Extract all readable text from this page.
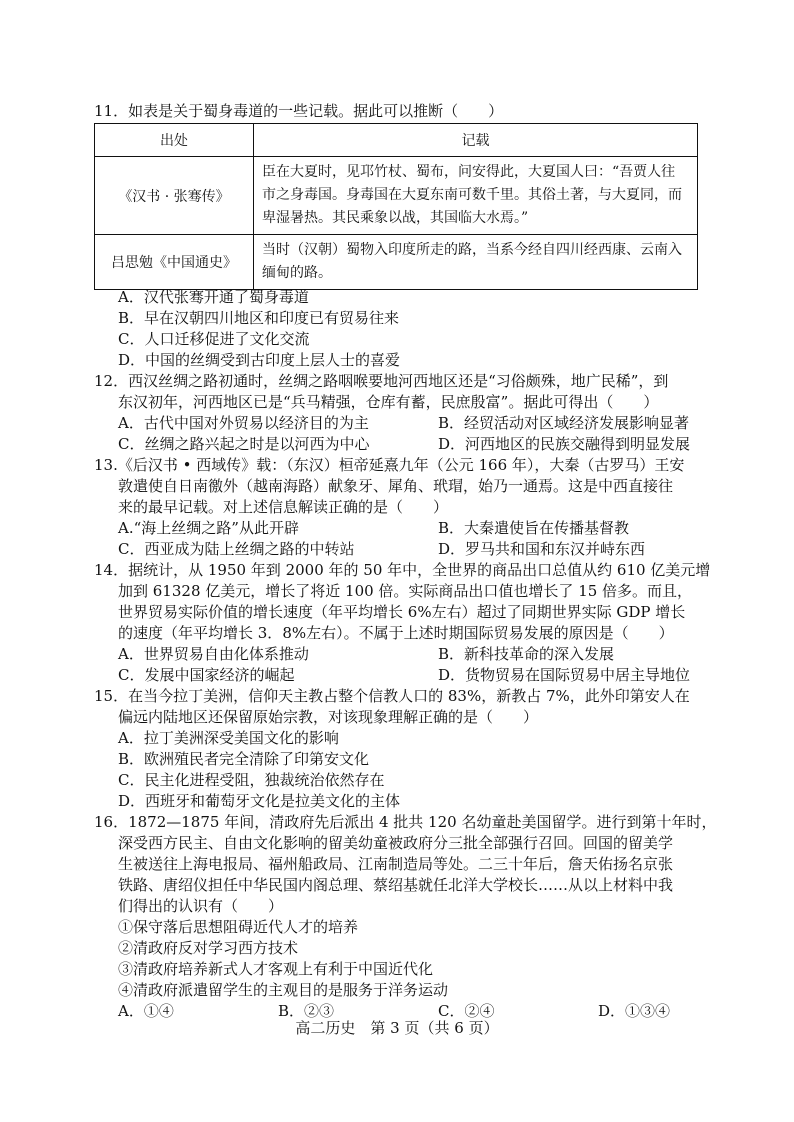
11．如表是关于蜀身毒道的一些记载。据此可以推断（　　）
出处	记载
《汉书 · 张骞传》	臣在大夏时，见邛竹杖、蜀布，问安得此，大夏国人曰：“吾贾人往市之身毒国。身毒国在大夏东南可数千里。其俗土著，与大夏同，而卑湿暑热。其民乘象以战，其国临大水焉。”
吕思勉《中国通史》	当时（汉朝）蜀物入印度所走的路，当系今经自四川经西康、云南入缅甸的路。
A．汉代张骞开通了蜀身毒道
B．早在汉朝四川地区和印度已有贸易往来
C．人口迁移促进了文化交流
D．中国的丝绸受到古印度上层人士的喜爱
12．西汉丝绸之路初通时，丝绸之路咽喉要地河西地区还是“习俗颇殊，地广民稀”，到
东汉初年，河西地区已是“兵马精强，仓库有蓄，民庶殷富”。据此可得出（　　）
A．古代中国对外贸易以经济目的为主	B．经贸活动对区域经济发展影响显著
C．丝绸之路兴起之时是以河西为中心	D．河西地区的民族交融得到明显发展
13.《后汉书 • 西域传》载：（东汉）桓帝延熹九年（公元 166 年），大秦（古罗马）王安
敦遣使自日南徼外（越南海路）献象牙、犀角、玳瑁，始乃一通焉。这是中西直接往
来的最早记载。对上述信息解读正确的是（　　）
A.“海上丝绸之路”从此开辟	B．大秦遣使旨在传播基督教
C．西亚成为陆上丝绸之路的中转站	D．罗马共和国和东汉并峙东西
14．据统计，从 1950 年到 2000 年的 50 年中，全世界的商品出口总值从约 610 亿美元增
加到 61328 亿美元，增长了将近 100 倍。实际商品出口值也增长了 15 倍多。而且，
世界贸易实际价值的增长速度（年平均增长 6%左右）超过了同期世界实际 GDP 增长
的速度（年平均增长 3．8%左右）。不属于上述时期国际贸易发展的原因是（　　）
A．世界贸易自由化体系推动	B．新科技革命的深入发展
C．发展中国家经济的崛起	D．货物贸易在国际贸易中居主导地位
15．在当今拉丁美洲，信仰天主教占整个信教人口的 83%，新教占 7%，此外印第安人在
偏远内陆地区还保留原始宗教，对该现象理解正确的是（　　）
A．拉丁美洲深受美国文化的影响
B．欧洲殖民者完全清除了印第安文化
C．民主化进程受阻，独裁统治依然存在
D．西班牙和葡萄牙文化是拉美文化的主体
16．1872—1875 年间，清政府先后派出 4 批共 120 名幼童赴美国留学。进行到第十年时，
深受西方民主、自由文化影响的留美幼童被政府分三批全部强行召回。回国的留美学
生被送往上海电报局、福州船政局、江南制造局等处。二三十年后，詹天佑扬名京张
铁路、唐绍仪担任中华民国内阁总理、蔡绍基就任北洋大学校长……从以上材料中我
们得出的认识有（　　）
①保守落后思想阻碍近代人才的培养
②清政府反对学习西方技术
③清政府培养新式人才客观上有利于中国近代化
④清政府派遣留学生的主观目的是服务于洋务运动
A．①④	B．②③	C．②④	D．①③④
高二历史　第 3 页（共 6 页）
